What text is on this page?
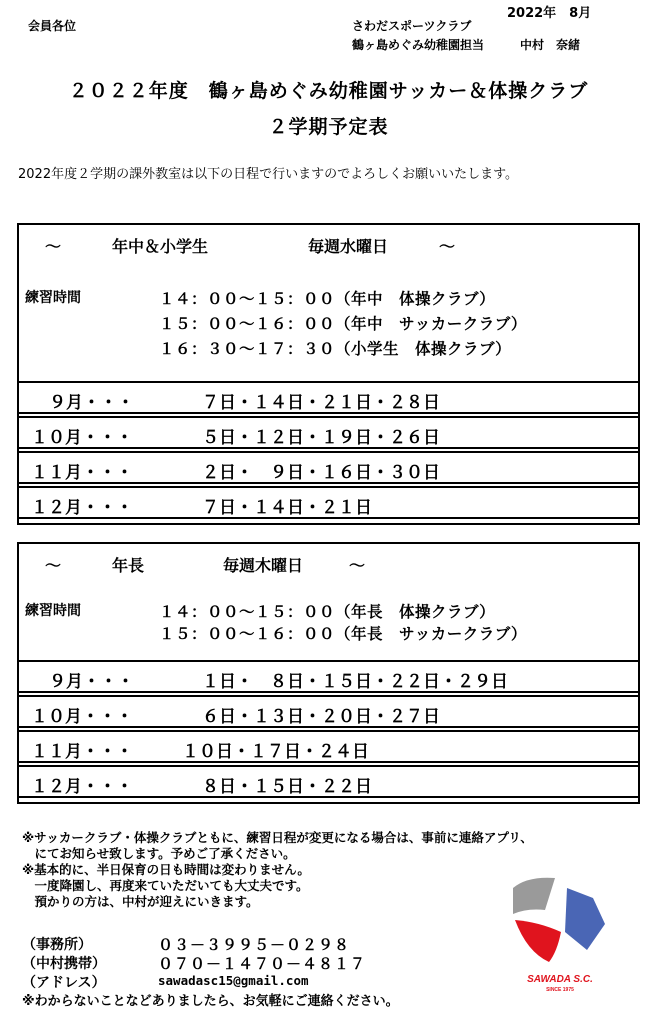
2022年　8月
会員各位	さわだスポーツクラブ
鶴ヶ島めぐみ幼稚園担当　　　中村　奈緒
２０２２年度　鶴ヶ島めぐみ幼稚園サッカー＆体操クラブ
２学期予定表
2022年度２学期の課外教室は以下の日程で行いますのでよろしくお願いいたします。
～	年中＆小学生	毎週水曜日	～
練習時間	１４：００～１５：００（年中　体操クラブ）
１５：００～１６：００（年中　サッカークラブ）
１６：３０～１７：３０（小学生　体操クラブ）
９月・・・	７日・１４日・２１日・２８日
１０月・・・	５日・１２日・１９日・２６日
１１月・・・	２日・　９日・１６日・３０日
１２月・・・	７日・１４日・２１日
～	年長	毎週木曜日	～
練習時間	１４：００～１５：００（年長　体操クラブ）
１５：００～１６：００（年長　サッカークラブ）
９月・・・	１日・　８日・１５日・２２日・２９日
１０月・・・	６日・１３日・２０日・２７日
１１月・・・	１０日・１７日・２４日
１２月・・・	８日・１５日・２２日
※サッカークラブ・体操クラブともに、練習日程が変更になる場合は、事前に連絡アプリ、
　にてお知らせ致します。予めご了承ください。
※基本的に、半日保育の日も時間は変わりません。
　一度降園し、再度来ていただいても大丈夫です。
　預かりの方は、中村が迎えにいきます。
（事務所）	０３－３９９５－０２９８
（中村携帯）	０７０－１４７０－４８１７
（アドレス）	sawadasc15@gmail.com
※わからないことなどありましたら、お気軽にご連絡ください。
SAWADA S.C.
SINCE 1975
